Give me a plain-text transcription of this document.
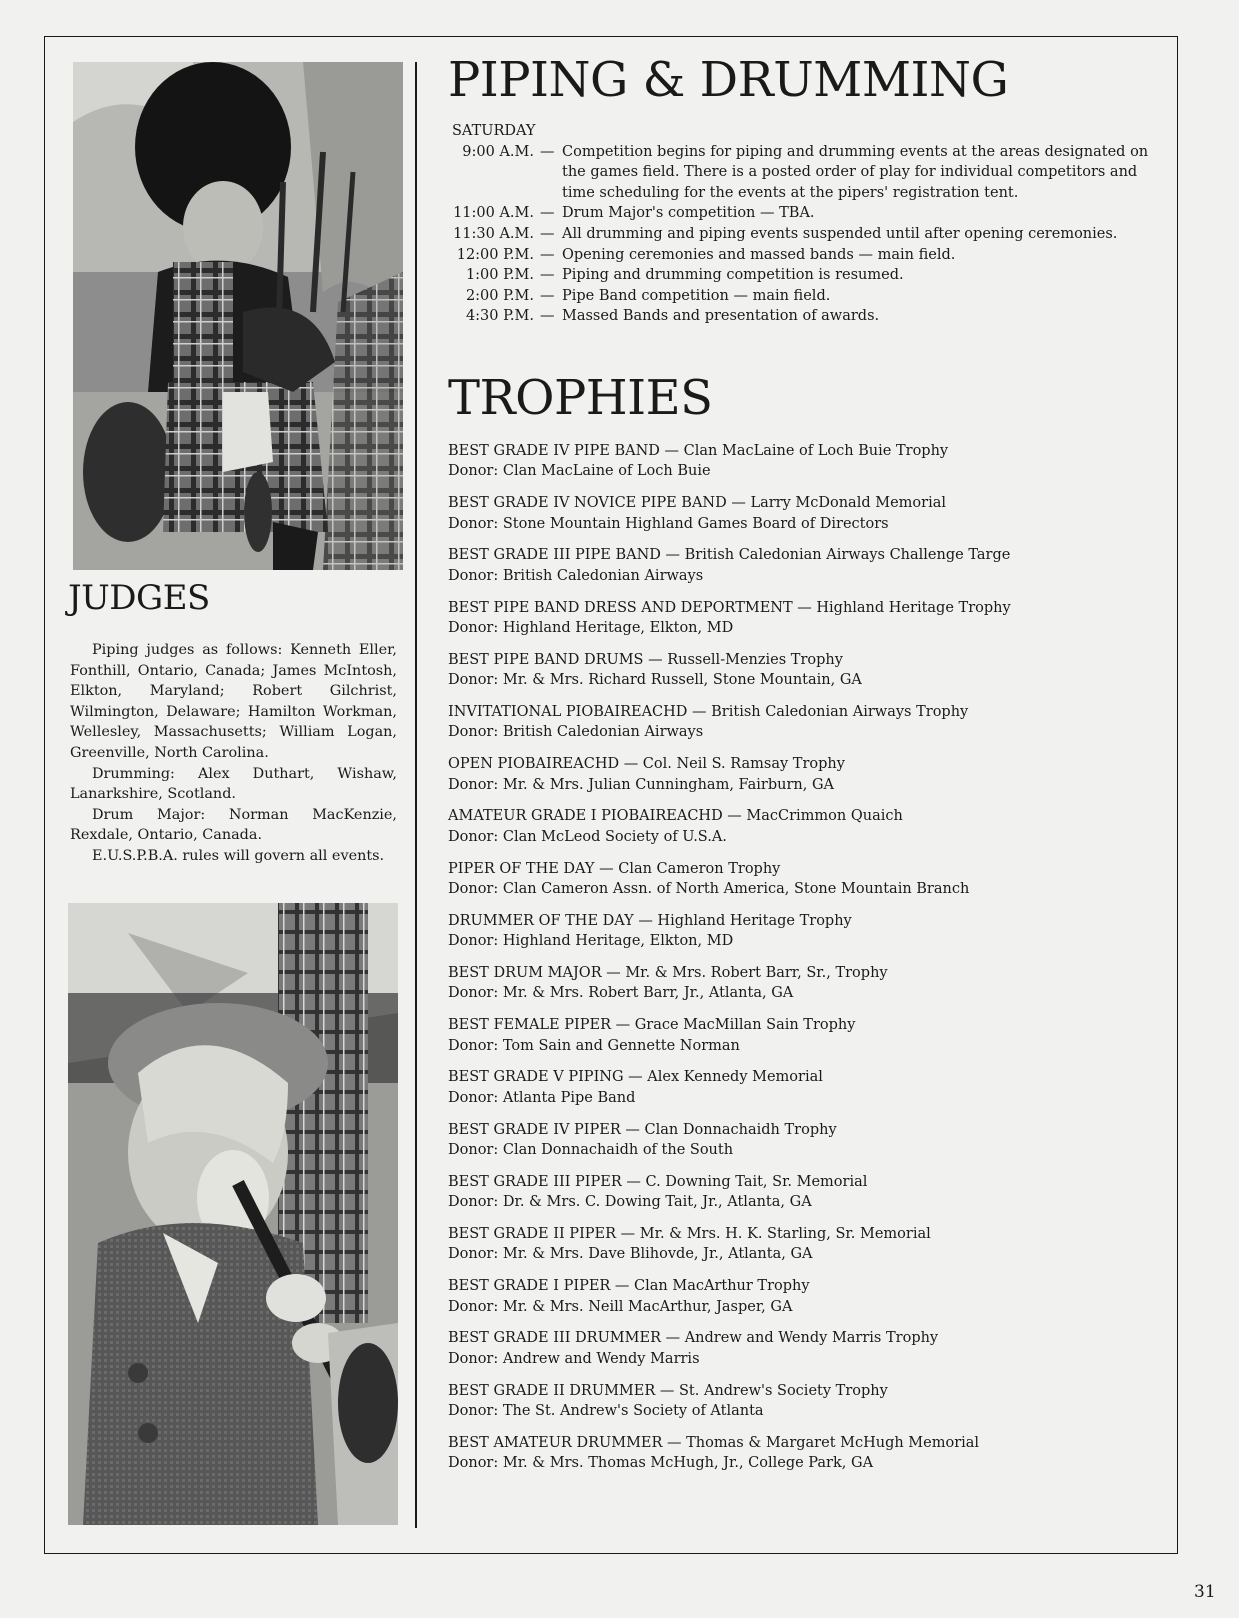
JUDGES

Piping judges as follows: Kenneth Eller, Fonthill, Ontario, Canada; James McIntosh, Elkton, Maryland; Robert Gilchrist, Wilmington, Delaware; Hamilton Workman, Wellesley, Massachusetts; William Logan, Greenville, North Carolina.

Drumming: Alex Duthart, Wishaw, Lanarkshire, Scotland.

Drum Major: Norman MacKenzie, Rexdale, Ontario, Canada.

E.U.S.P.B.A. rules will govern all events.

PIPING & DRUMMING
SATURDAY
9:00 A.M. — Competition begins for piping and drumming events at the areas designated on the games field. There is a posted order of play for individual competitors and time scheduling for the events at the pipers' registration tent.
11:00 A.M. — Drum Major's competition — TBA.
11:30 A.M. — All drumming and piping events suspended until after opening ceremonies.
12:00 P.M. — Opening ceremonies and massed bands — main field.
1:00 P.M. — Piping and drumming competition is resumed.
2:00 P.M. — Pipe Band competition — main field.
4:30 P.M. — Massed Bands and presentation of awards.
TROPHIES
BEST GRADE IV PIPE BAND — Clan MacLaine of Loch Buie Trophy
Donor: Clan MacLaine of Loch Buie
BEST GRADE IV NOVICE PIPE BAND — Larry McDonald Memorial
Donor: Stone Mountain Highland Games Board of Directors
BEST GRADE III PIPE BAND — British Caledonian Airways Challenge Targe
Donor: British Caledonian Airways
BEST PIPE BAND DRESS AND DEPORTMENT — Highland Heritage Trophy
Donor: Highland Heritage, Elkton, MD
BEST PIPE BAND DRUMS — Russell-Menzies Trophy
Donor: Mr. & Mrs. Richard Russell, Stone Mountain, GA
INVITATIONAL PIOBAIREACHD — British Caledonian Airways Trophy
Donor: British Caledonian Airways
OPEN PIOBAIREACHD — Col. Neil S. Ramsay Trophy
Donor: Mr. & Mrs. Julian Cunningham, Fairburn, GA
AMATEUR GRADE I PIOBAIREACHD — MacCrimmon Quaich
Donor: Clan McLeod Society of U.S.A.
PIPER OF THE DAY — Clan Cameron Trophy
Donor: Clan Cameron Assn. of North America, Stone Mountain Branch
DRUMMER OF THE DAY — Highland Heritage Trophy
Donor: Highland Heritage, Elkton, MD
BEST DRUM MAJOR — Mr. & Mrs. Robert Barr, Sr., Trophy
Donor: Mr. & Mrs. Robert Barr, Jr., Atlanta, GA
BEST FEMALE PIPER — Grace MacMillan Sain Trophy
Donor: Tom Sain and Gennette Norman
BEST GRADE V PIPING — Alex Kennedy Memorial
Donor: Atlanta Pipe Band
BEST GRADE IV PIPER — Clan Donnachaidh Trophy
Donor: Clan Donnachaidh of the South
BEST GRADE III PIPER — C. Downing Tait, Sr. Memorial
Donor: Dr. & Mrs. C. Dowing Tait, Jr., Atlanta, GA
BEST GRADE II PIPER — Mr. & Mrs. H. K. Starling, Sr. Memorial
Donor: Mr. & Mrs. Dave Blihovde, Jr., Atlanta, GA
BEST GRADE I PIPER — Clan MacArthur Trophy
Donor: Mr. & Mrs. Neill MacArthur, Jasper, GA
BEST GRADE III DRUMMER — Andrew and Wendy Marris Trophy
Donor: Andrew and Wendy Marris
BEST GRADE II DRUMMER — St. Andrew's Society Trophy
Donor: The St. Andrew's Society of Atlanta
BEST AMATEUR DRUMMER — Thomas & Margaret McHugh Memorial
Donor: Mr. & Mrs. Thomas McHugh, Jr., College Park, GA
31
